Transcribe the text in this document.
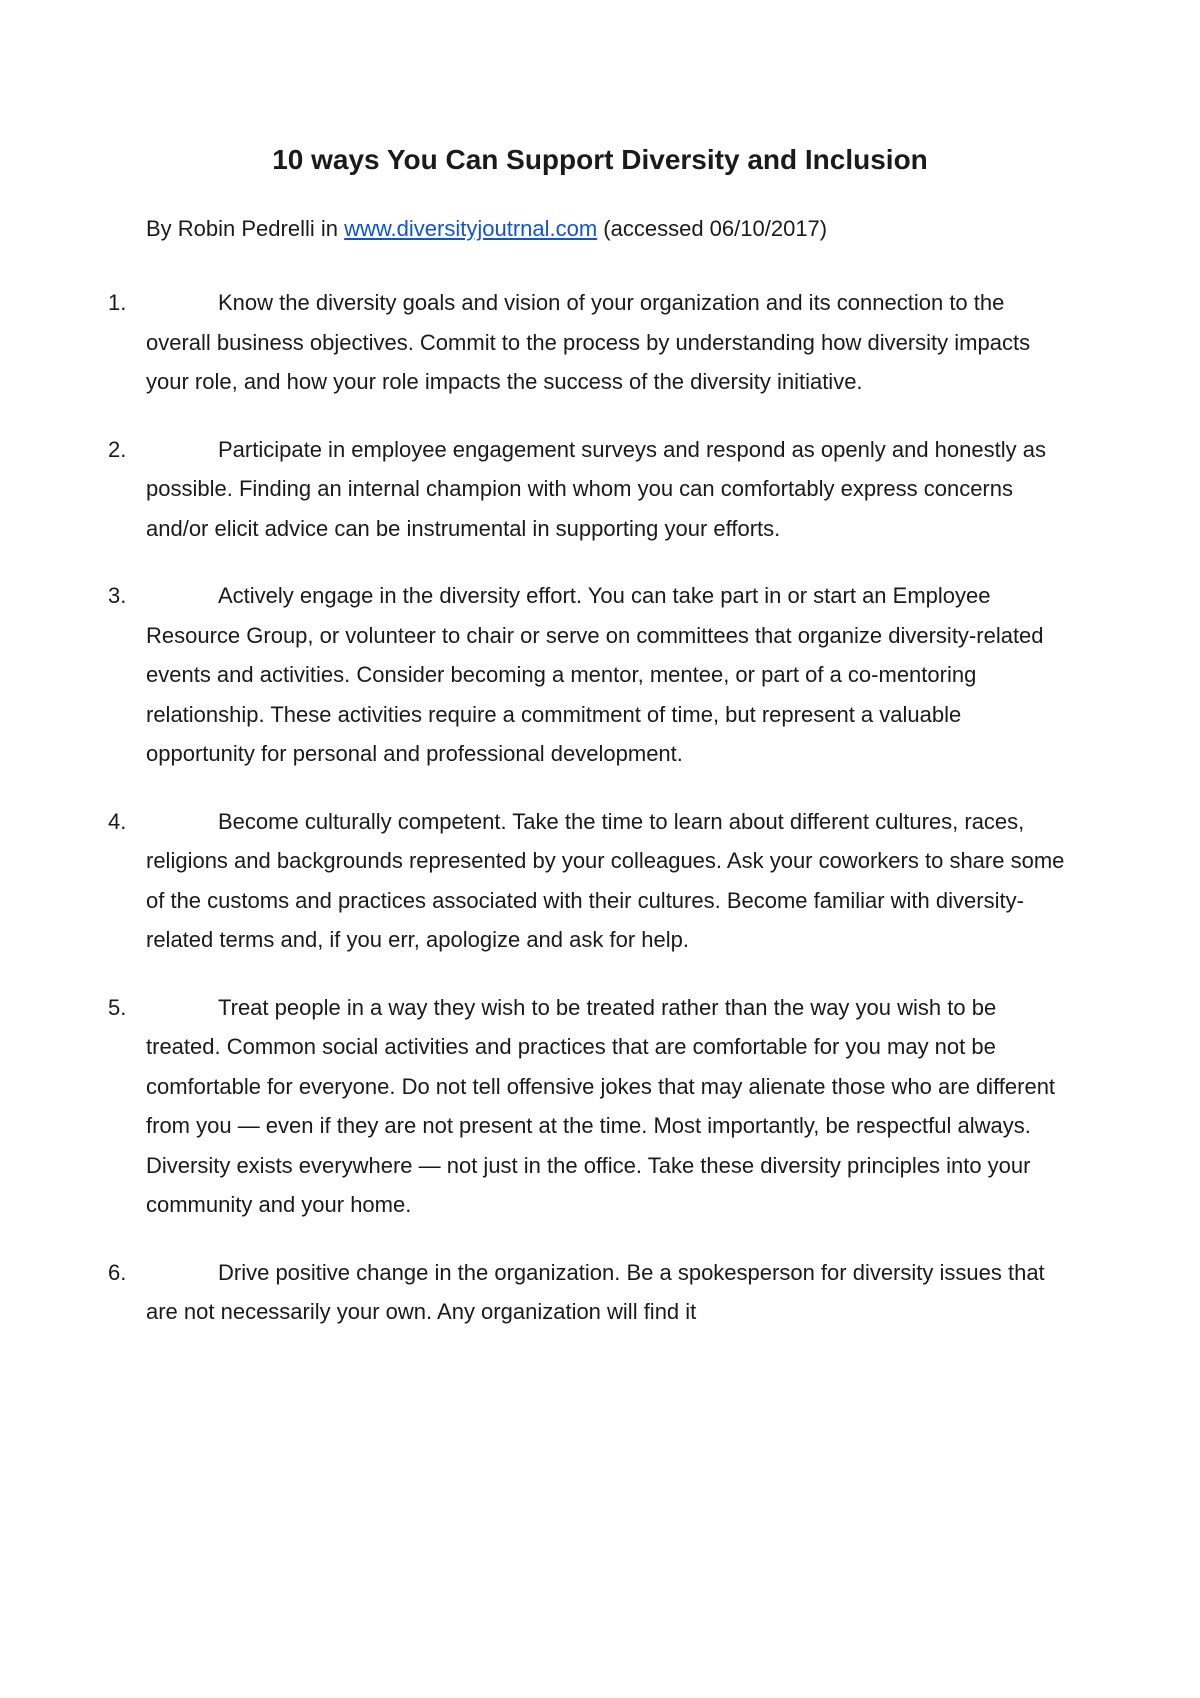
10 ways You Can Support Diversity and Inclusion
By Robin Pedrelli in www.diversityjoutrnal.com (accessed 06/10/2017)
1.	Know the diversity goals and vision of your organization and its connection to the overall business objectives. Commit to the process by understanding how diversity impacts your role, and how your role impacts the success of the diversity initiative.

2.	Participate in employee engagement surveys and respond as openly and honestly as possible. Finding an internal champion with whom you can comfortably express concerns and/or elicit advice can be instrumental in supporting your efforts.

3.	Actively engage in the diversity effort. You can take part in or start an Employee Resource Group, or volunteer to chair or serve on committees that organize diversity-related events and activities. Consider becoming a mentor, mentee, or part of a co-mentoring relationship. These activities require a commitment of time, but represent a valuable opportunity for personal and professional development.

4.	Become culturally competent. Take the time to learn about different cultures, races, religions and backgrounds represented by your colleagues. Ask your coworkers to share some of the customs and practices associated with their cultures. Become familiar with diversity-related terms and, if you err, apologize and ask for help.

5.	Treat people in a way they wish to be treated rather than the way you wish to be treated. Common social activities and practices that are comfortable for you may not be comfortable for everyone. Do not tell offensive jokes that may alienate those who are different from you — even if they are not present at the time. Most importantly, be respectful always. Diversity exists everywhere — not just in the office. Take these diversity principles into your community and your home.

6.	Drive positive change in the organization. Be a spokesperson for diversity issues that are not necessarily your own. Any organization will find it
